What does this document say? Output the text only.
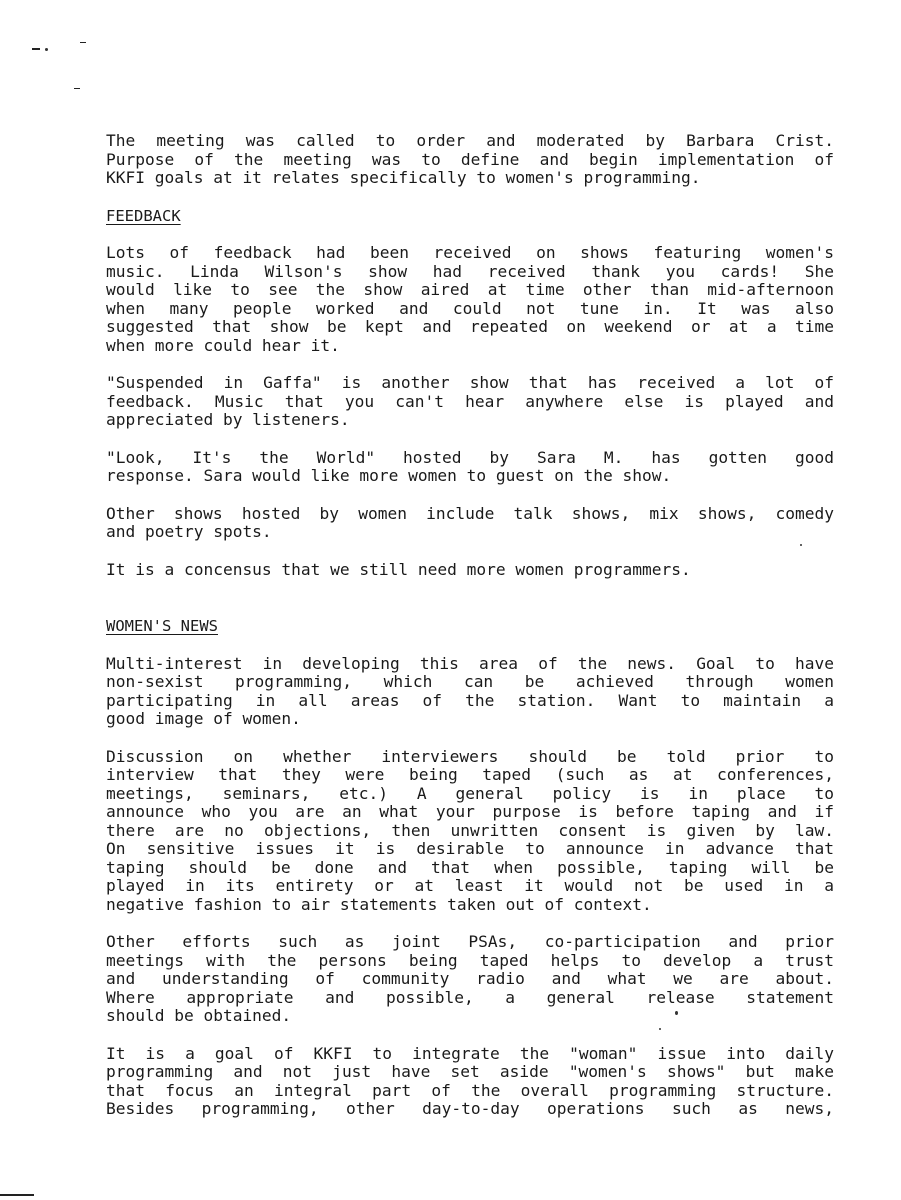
The meeting was called to order and moderated by Barbara Crist.
Purpose of the meeting was to define and begin implementation of
KKFI goals at it relates specifically to women's programming.

FEEDBACK

Lots of feedback had been received on shows featuring women's
music. Linda Wilson's show had received thank you cards! She
would like to see the show aired at time other than mid-afternoon
when many people worked and could not tune in. It was also
suggested that show be kept and repeated on weekend or at a time
when more could hear it.

"Suspended in Gaffa" is another show that has received a lot of
feedback. Music that you can't hear anywhere else is played and
appreciated by listeners.

"Look, It's the World" hosted by Sara M. has gotten good
response. Sara would like more women to guest on the show.

Other shows hosted by women include talk shows, mix shows, comedy
and poetry spots.

It is a concensus that we still need more women programmers.

WOMEN'S NEWS

Multi-interest in developing this area of the news. Goal to have
non-sexist programming, which can be achieved through women
participating in all areas of the station. Want to maintain a
good image of women.

Discussion on whether interviewers should be told prior to
interview that they were being taped (such as at conferences,
meetings, seminars, etc.) A general policy is in place to
announce who you are an what your purpose is before taping and if
there are no objections, then unwritten consent is given by law.
On sensitive issues it is desirable to announce in advance that
taping should be done and that when possible, taping will be
played in its entirety or at least it would not be used in a
negative fashion to air statements taken out of context.

Other efforts such as joint PSAs, co-participation and prior
meetings with the persons being taped helps to develop a trust
and understanding of community radio and what we are about.
Where appropriate and possible, a general release statement
should be obtained.

It is a goal of KKFI to integrate the "woman" issue into daily
programming and not just have set aside "women's shows" but make
that focus an integral part of the overall programming structure.
Besides programming, other day-to-day operations such as news,
